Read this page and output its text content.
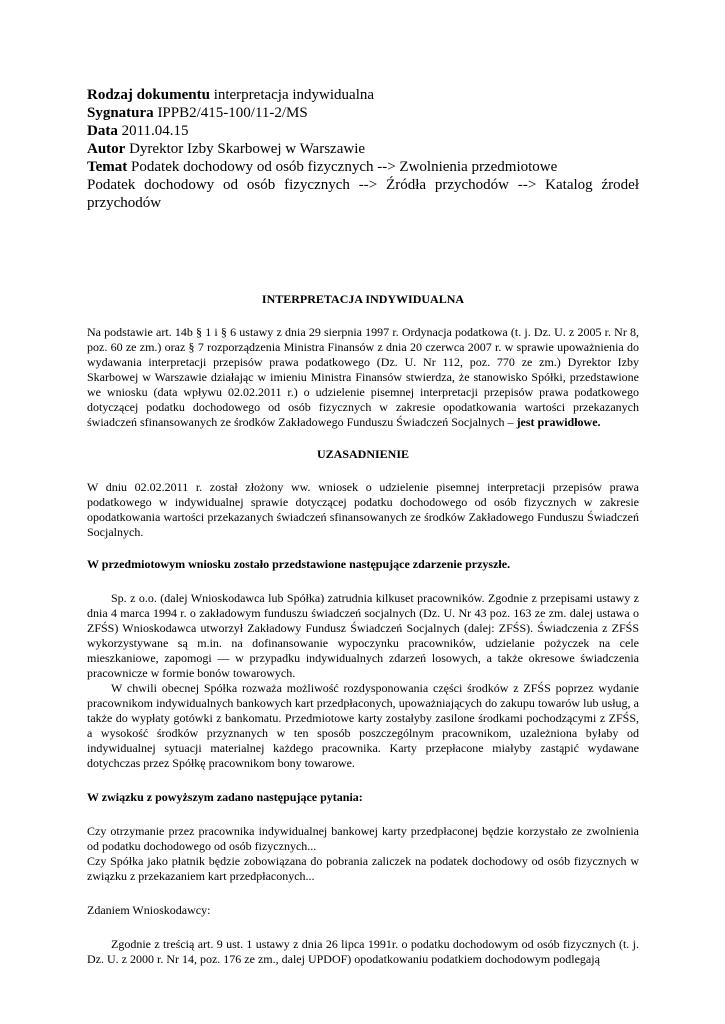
Rodzaj dokumentu interpretacja indywidualna
Sygnatura IPPB2/415-100/11-2/MS
Data 2011.04.15
Autor Dyrektor Izby Skarbowej w Warszawie
Temat Podatek dochodowy od osób fizycznych --> Zwolnienia przedmiotowe
Podatek dochodowy od osób fizycznych --> Źródła przychodów --> Katalog źrodeł
przychodów
INTERPRETACJA INDYWIDUALNA

Na podstawie art. 14b § 1 i § 6 ustawy z dnia 29 sierpnia 1997 r. Ordynacja podatkowa (t. j. Dz. U. z 2005 r. Nr 8, poz. 60 ze zm.) oraz § 7 rozporządzenia Ministra Finansów z dnia 20 czerwca 2007 r. w sprawie upoważnienia do wydawania interpretacji przepisów prawa podatkowego (Dz. U. Nr 112, poz. 770 ze zm.) Dyrektor Izby Skarbowej w Warszawie działając w imieniu Ministra Finansów stwierdza, że stanowisko Spółki, przedstawione we wniosku (data wpływu 02.02.2011 r.) o udzielenie pisemnej interpretacji przepisów prawa podatkowego dotyczącej podatku dochodowego od osób fizycznych w zakresie opodatkowania wartości przekazanych świadczeń sfinansowanych ze środków Zakładowego Funduszu Świadczeń Socjalnych – jest prawidłowe.

UZASADNIENIE

W dniu 02.02.2011 r. został złożony ww. wniosek o udzielenie pisemnej interpretacji przepisów prawa podatkowego w indywidualnej sprawie dotyczącej podatku dochodowego od osób fizycznych w zakresie opodatkowania wartości przekazanych świadczeń sfinansowanych ze środków Zakładowego Funduszu Świadczeń Socjalnych.

W przedmiotowym wniosku zostało przedstawione następujące zdarzenie przyszłe.

Sp. z o.o. (dalej Wnioskodawca lub Spółka) zatrudnia kilkuset pracowników. Zgodnie z przepisami ustawy z dnia 4 marca 1994 r. o zakładowym funduszu świadczeń socjalnych (Dz. U. Nr 43 poz. 163 ze zm. dalej ustawa o ZFŚS) Wnioskodawca utworzył Zakładowy Fundusz Świadczeń Socjalnych (dalej: ZFŚS). Świadczenia z ZFŚS wykorzystywane są m.in. na dofinansowanie wypoczynku pracowników, udzielanie pożyczek na cele mieszkaniowe, zapomogi — w przypadku indywidualnych zdarzeń losowych, a także okresowe świadczenia pracownicze w formie bonów towarowych.

W chwili obecnej Spółka rozważa możliwość rozdysponowania części środków z ZFŚS poprzez wydanie pracownikom indywidualnych bankowych kart przedpłaconych, upoważniających do zakupu towarów lub usług, a także do wypłaty gotówki z bankomatu. Przedmiotowe karty zostałyby zasilone środkami pochodzącymi z ZFŚS, a wysokość środków przyznanych w ten sposób poszczególnym pracownikom, uzależniona byłaby od indywidualnej sytuacji materialnej każdego pracownika. Karty przepłacone miałyby zastąpić wydawane dotychczas przez Spółkę pracownikom bony towarowe.

W związku z powyższym zadano następujące pytania:

Czy otrzymanie przez pracownika indywidualnej bankowej karty przedpłaconej będzie korzystało ze zwolnienia od podatku dochodowego od osób fizycznych...

Czy Spółka jako płatnik będzie zobowiązana do pobrania zaliczek na podatek dochodowy od osób fizycznych w związku z przekazaniem kart przedpłaconych...

Zdaniem Wnioskodawcy:

Zgodnie z treścią art. 9 ust. 1 ustawy z dnia 26 lipca 1991r. o podatku dochodowym od osób fizycznych (t. j. Dz. U. z 2000 r. Nr 14, poz. 176 ze zm., dalej UPDOF) opodatkowaniu podatkiem dochodowym podlegają
